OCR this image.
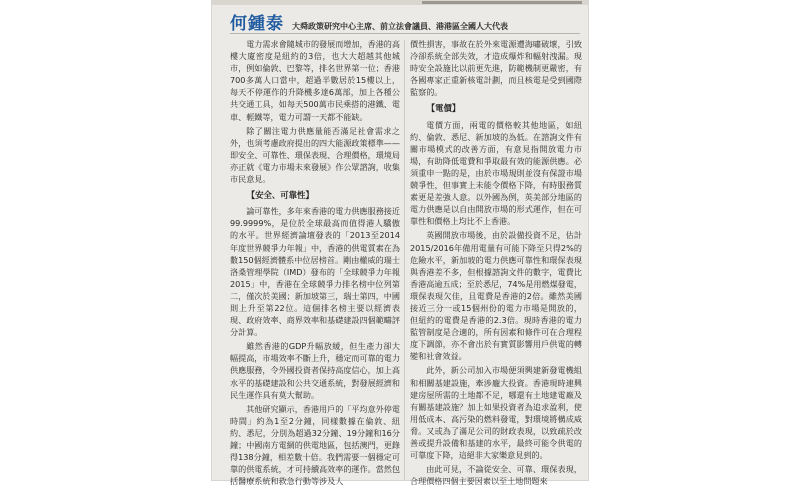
何鍾泰 大舜政策研究中心主席、前立法會議員、港港區全國人大代表

電力需求會隨城市的發展而增加，香港的高樓大廈密度是紐約的3倍，也大大超越其他城市，例如倫敦、巴黎等，排名世界第一位；香港700多萬人口當中，超過半數居於15樓以上，每天不停運作的升降機多達6萬部，加上各種公共交通工具，如每天500萬市民乘搭的港鐵、電車、輕鐵等，電力可謂一天都不能缺。

除了關注電力供應量能否滿足社會需求之外，也須考慮政府提出的四大能源政策標準——即安全、可靠性、環保表現、合理價格，環境局亦正就《電力市場未來發展》作公眾諮詢，收集市民意見。

【安全、可靠性】

論可靠性，多年來香港的電力供應服務接近99.9999%，是位於全球最高而值得港人驕傲的水平。世界經濟論壇發表的「2013至2014年度世界競爭力年報」中，香港的供電質素在為數150個經濟體系中位居榜首。剛由權威的瑞士洛桑管理學院（IMD）發布的「全球競爭力年報2015」中，香港在全球競爭力排名榜中位列第二，僅次於美國；新加坡第三，瑞士第四，中國則上升至第22位。這個排名榜主要以經濟表現、政府效率、商界效率和基礎建設四個範疇評分計算。

雖然香港的GDP升幅放緩，但生產力卻大幅提高，市場效率不斷上升，穩定而可靠的電力供應服務，令外國投資者保持高度信心，加上高水平的基礎建設和公共交通系統，對發展經濟和民生運作具有莫大幫助。

其他研究顯示，香港用戶的「平均意外停電時間」約為1至2分鐘，同樣數據在倫敦、紐約、悉尼，分別為超過32分鐘、19分鐘和16分鐘；中國南方電網的供電地區，包括澳門，更錄得138分鐘，相差數十倍。我們需要一個穩定可靠的供電系統，才可持續高效率的運作。當然包括醫療系統和救急行動等涉及人

價性損害，事故在於外來電源遭海嘯破壞，引致冷卻系統全部失效，才造成爆炸和輻射洩漏。現時安全設施比以前更先進，防範機制更嚴密，有各國專家正重新核電計劃，而且核電是受到國際監察的。

【電價】

電價方面，兩電的價格較其他地區，如紐約、倫敦、悉尼、新加坡的為低。在諮詢文件有關市場模式的改善方面，有意見指開放電力市場，有助降低電費和爭取最有效的能源供應。必須重申一點的是，由於市場規則並沒有保證市場競爭性，但事實上未能令價格下降，有時服務質素更是差強人意。以外國為例，英美部分地區的電力供應是以自由開放市場的形式運作，但在可靠性和價格上均比不上香港。

英國開放市場後，由於設備投資不足，估計2015/2016年備用電量有可能下降至只得2%的危險水平，新加坡的電力供應可靠性和環保表現與香港差不多，但根據諮詢文件的數字，電費比香港高逾五成；至於悉尼，74%是用燃煤發電，環保表現欠佳，且電費是香港的2倍。雖然美國接近三分一或15個州份的電力市場是開放的，但紐約的電費是香港的2.3倍。現時香港的電力監管制度是合適的，所有因素和條件可在合理程度下調節，亦不會出於有實質影響用戶供電的轉變和社會效益。

此外，新公司加入市場便須興建新發電機組和相關基建設施，牽涉龐大投資。香港現時連興建房屋所需的土地都不足，哪還有土地建電廠及有關基建設施？加上如果投資者為追求盈利，使用低成本、高污染的燃料發電，對環境將構成威脅。又或為了滿足公司的財政表現，以致疏於改善或提升設備和基建的水平，最終可能令供電的可靠度下降，這絕非大家樂意見到的。

由此可見，不論從安全、可靠、環保表現，合理價格四個主要因素以至土地問題來
